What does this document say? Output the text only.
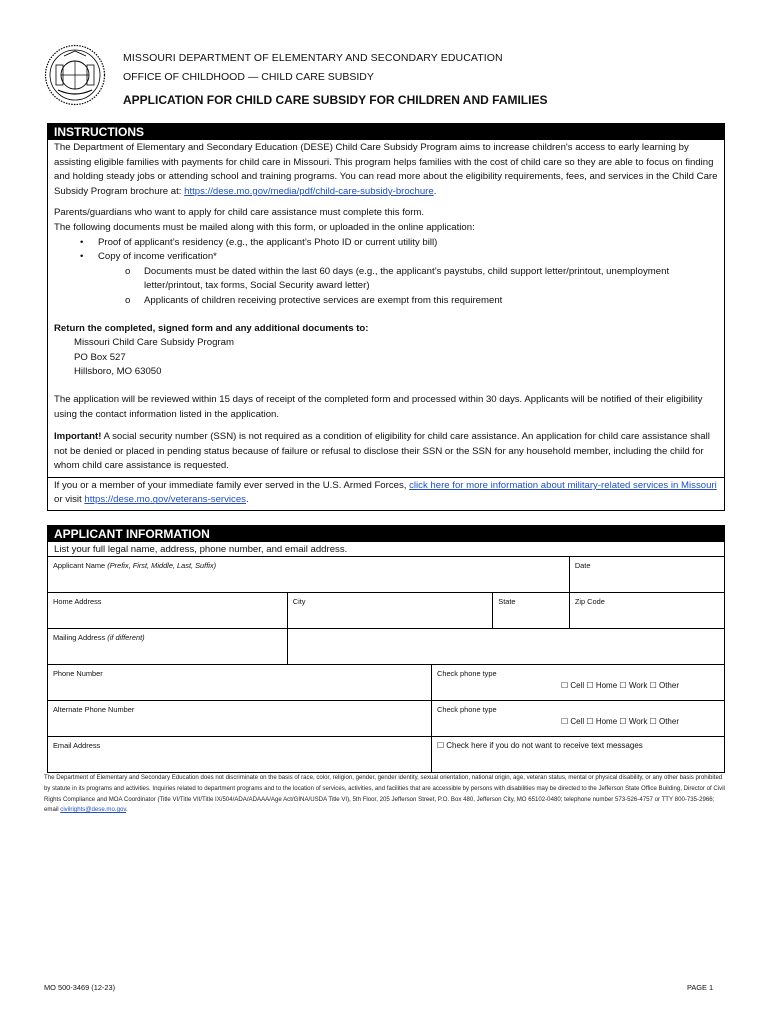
MISSOURI DEPARTMENT OF ELEMENTARY AND SECONDARY EDUCATION
OFFICE OF CHILDHOOD — CHILD CARE SUBSIDY
APPLICATION FOR CHILD CARE SUBSIDY FOR CHILDREN AND FAMILIES
INSTRUCTIONS

The Department of Elementary and Secondary Education (DESE) Child Care Subsidy Program aims to increase children's access to early learning by assisting eligible families with payments for child care in Missouri. This program helps families with the cost of child care so they are able to focus on finding and holding steady jobs or attending school and training programs. You can read more about the eligibility requirements, fees, and services in the Child Care Subsidy Program brochure at: https://dese.mo.gov/media/pdf/child-care-subsidy-brochure.

Parents/guardians who want to apply for child care assistance must complete this form.

The following documents must be mailed along with this form, or uploaded in the online application:

• Proof of applicant’s residency (e.g., the applicant’s Photo ID or current utility bill)
• Copy of income verification*
o Documents must be dated within the last 60 days (e.g., the applicant’s paystubs, child support letter/printout, unemployment letter/printout, tax forms, Social Security award letter)
o Applicants of children receiving protective services are exempt from this requirement

Return the completed, signed form and any additional documents to:

Missouri Child Care Subsidy Program
PO Box 527
Hillsboro, MO 63050

The application will be reviewed within 15 days of receipt of the completed form and processed within 30 days. Applicants will be notified of their eligibility using the contact information listed in the application.

Important! A social security number (SSN) is not required as a condition of eligibility for child care assistance. An application for child care assistance shall not be denied or placed in pending status because of failure or refusal to disclose their SSN or the SSN for any household member, including the child for whom child care assistance is requested.

If you or a member of your immediate family ever served in the U.S. Armed Forces, click here for more information about military-related services in Missouri or visit https://dese.mo.gov/veterans-services.
APPLICANT INFORMATION
List your full legal name, address, phone number, and email address.
Applicant Name (Prefix, First, Middle, Last, Suffix)			Date
Home Address	City	State	Zip Code
Mailing Address (if different)			
Phone Number	Check phone type
☐ Cell ☐ Home ☐ Work ☐ Other

Alternate Phone Number	Check phone type
☐ Cell ☐ Home ☐ Work ☐ Other

Email Address	☐ Check here if you do not want to receive text messages
The Department of Elementary and Secondary Education does not discriminate on the basis of race, color, religion, gender, gender identity, sexual orientation, national origin, age, veteran status, mental or physical disability, or any other basis prohibited by statute in its programs and activities. Inquiries related to department programs and to the location of services, activities, and facilities that are accessible by persons with disabilities may be directed to the Jefferson State Office Building, Director of Civil Rights Compliance and MOA Coordinator (Title VI/Title VII/Title IX/504/ADA/ADAAA/Age Act/GINA/USDA Title VI), 5th Floor, 205 Jefferson Street, P.O. Box 480, Jefferson City, MO 65102-0480; telephone number 573-526-4757 or TTY 800-735-2966; email civilrights@dese.mo.gov.
MO 500-3469 (12-23)	PAGE 1
